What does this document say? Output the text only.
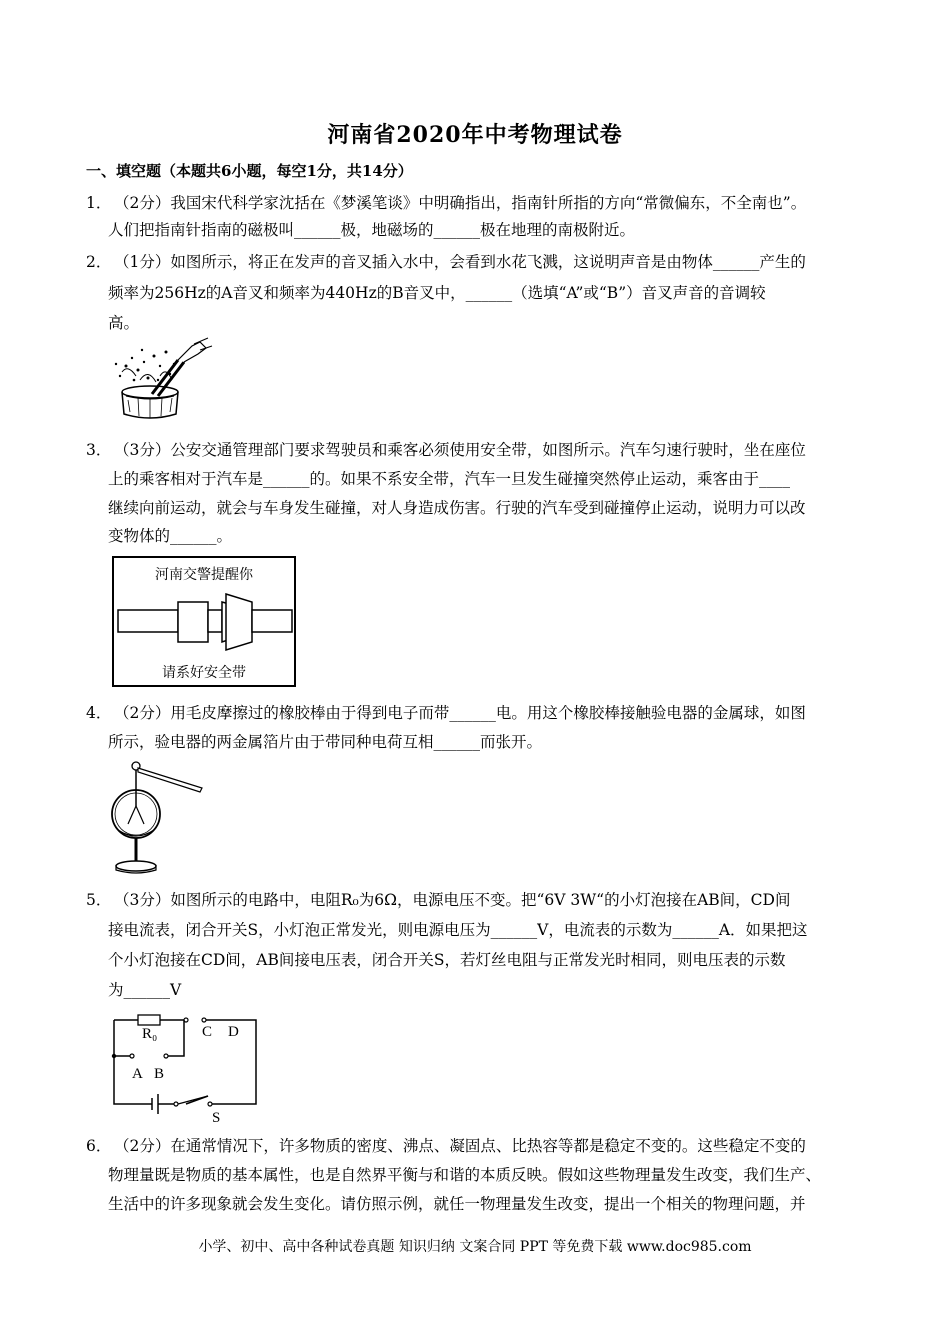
河南省2020年中考物理试卷
一、填空题（本题共6小题，每空1分，共14分）
1． （2分）我国宋代科学家沈括在《梦溪笔谈》中明确指出，指南针所指的方向“常微偏东，不全南也”。
人们把指南针指南的磁极叫______极，地磁场的______极在地理的南极附近。
2． （1分）如图所示，将正在发声的音叉插入水中，会看到水花飞溅，这说明声音是由物体______产生的
频率为256Hz的A音叉和频率为440Hz的B音叉中，______（选填“A”或“B”）音叉声音的音调较
高。
3． （3分）公安交通管理部门要求驾驶员和乘客必须使用安全带，如图所示。汽车匀速行驶时，坐在座位
上的乘客相对于汽车是______的。如果不系安全带，汽车一旦发生碰撞突然停止运动，乘客由于____
继续向前运动，就会与车身发生碰撞，对人身造成伤害。行驶的汽车受到碰撞停止运动，说明力可以改
变物体的______。
河南交警提醒你
请系好安全带
4． （2分）用毛皮摩擦过的橡胶棒由于得到电子而带______电。用这个橡胶棒接触验电器的金属球，如图
所示，验电器的两金属箔片由于带同种电荷互相______而张开。
5． （3分）如图所示的电路中，电阻R₀为6Ω，电源电压不变。把“6V 3W“的小灯泡接在AB间，CD间
接电流表，闭合开关S，小灯泡正常发光，则电源电压为______V，电流表的示数为______A．如果把这
个小灯泡接在CD间，AB间接电压表，闭合开关S，若灯丝电阻与正常发光时相同，则电压表的示数
为______V
R₀	C D
A B
S
6． （2分）在通常情况下，许多物质的密度、沸点、凝固点、比热容等都是稳定不变的。这些稳定不变的
物理量既是物质的基本属性，也是自然界平衡与和谐的本质反映。假如这些物理量发生改变，我们生产、
生活中的许多现象就会发生变化。请仿照示例，就任一物理量发生改变，提出一个相关的物理问题，并
小学、初中、高中各种试卷真题 知识归纳 文案合同 PPT 等免费下载 www.doc985.com
